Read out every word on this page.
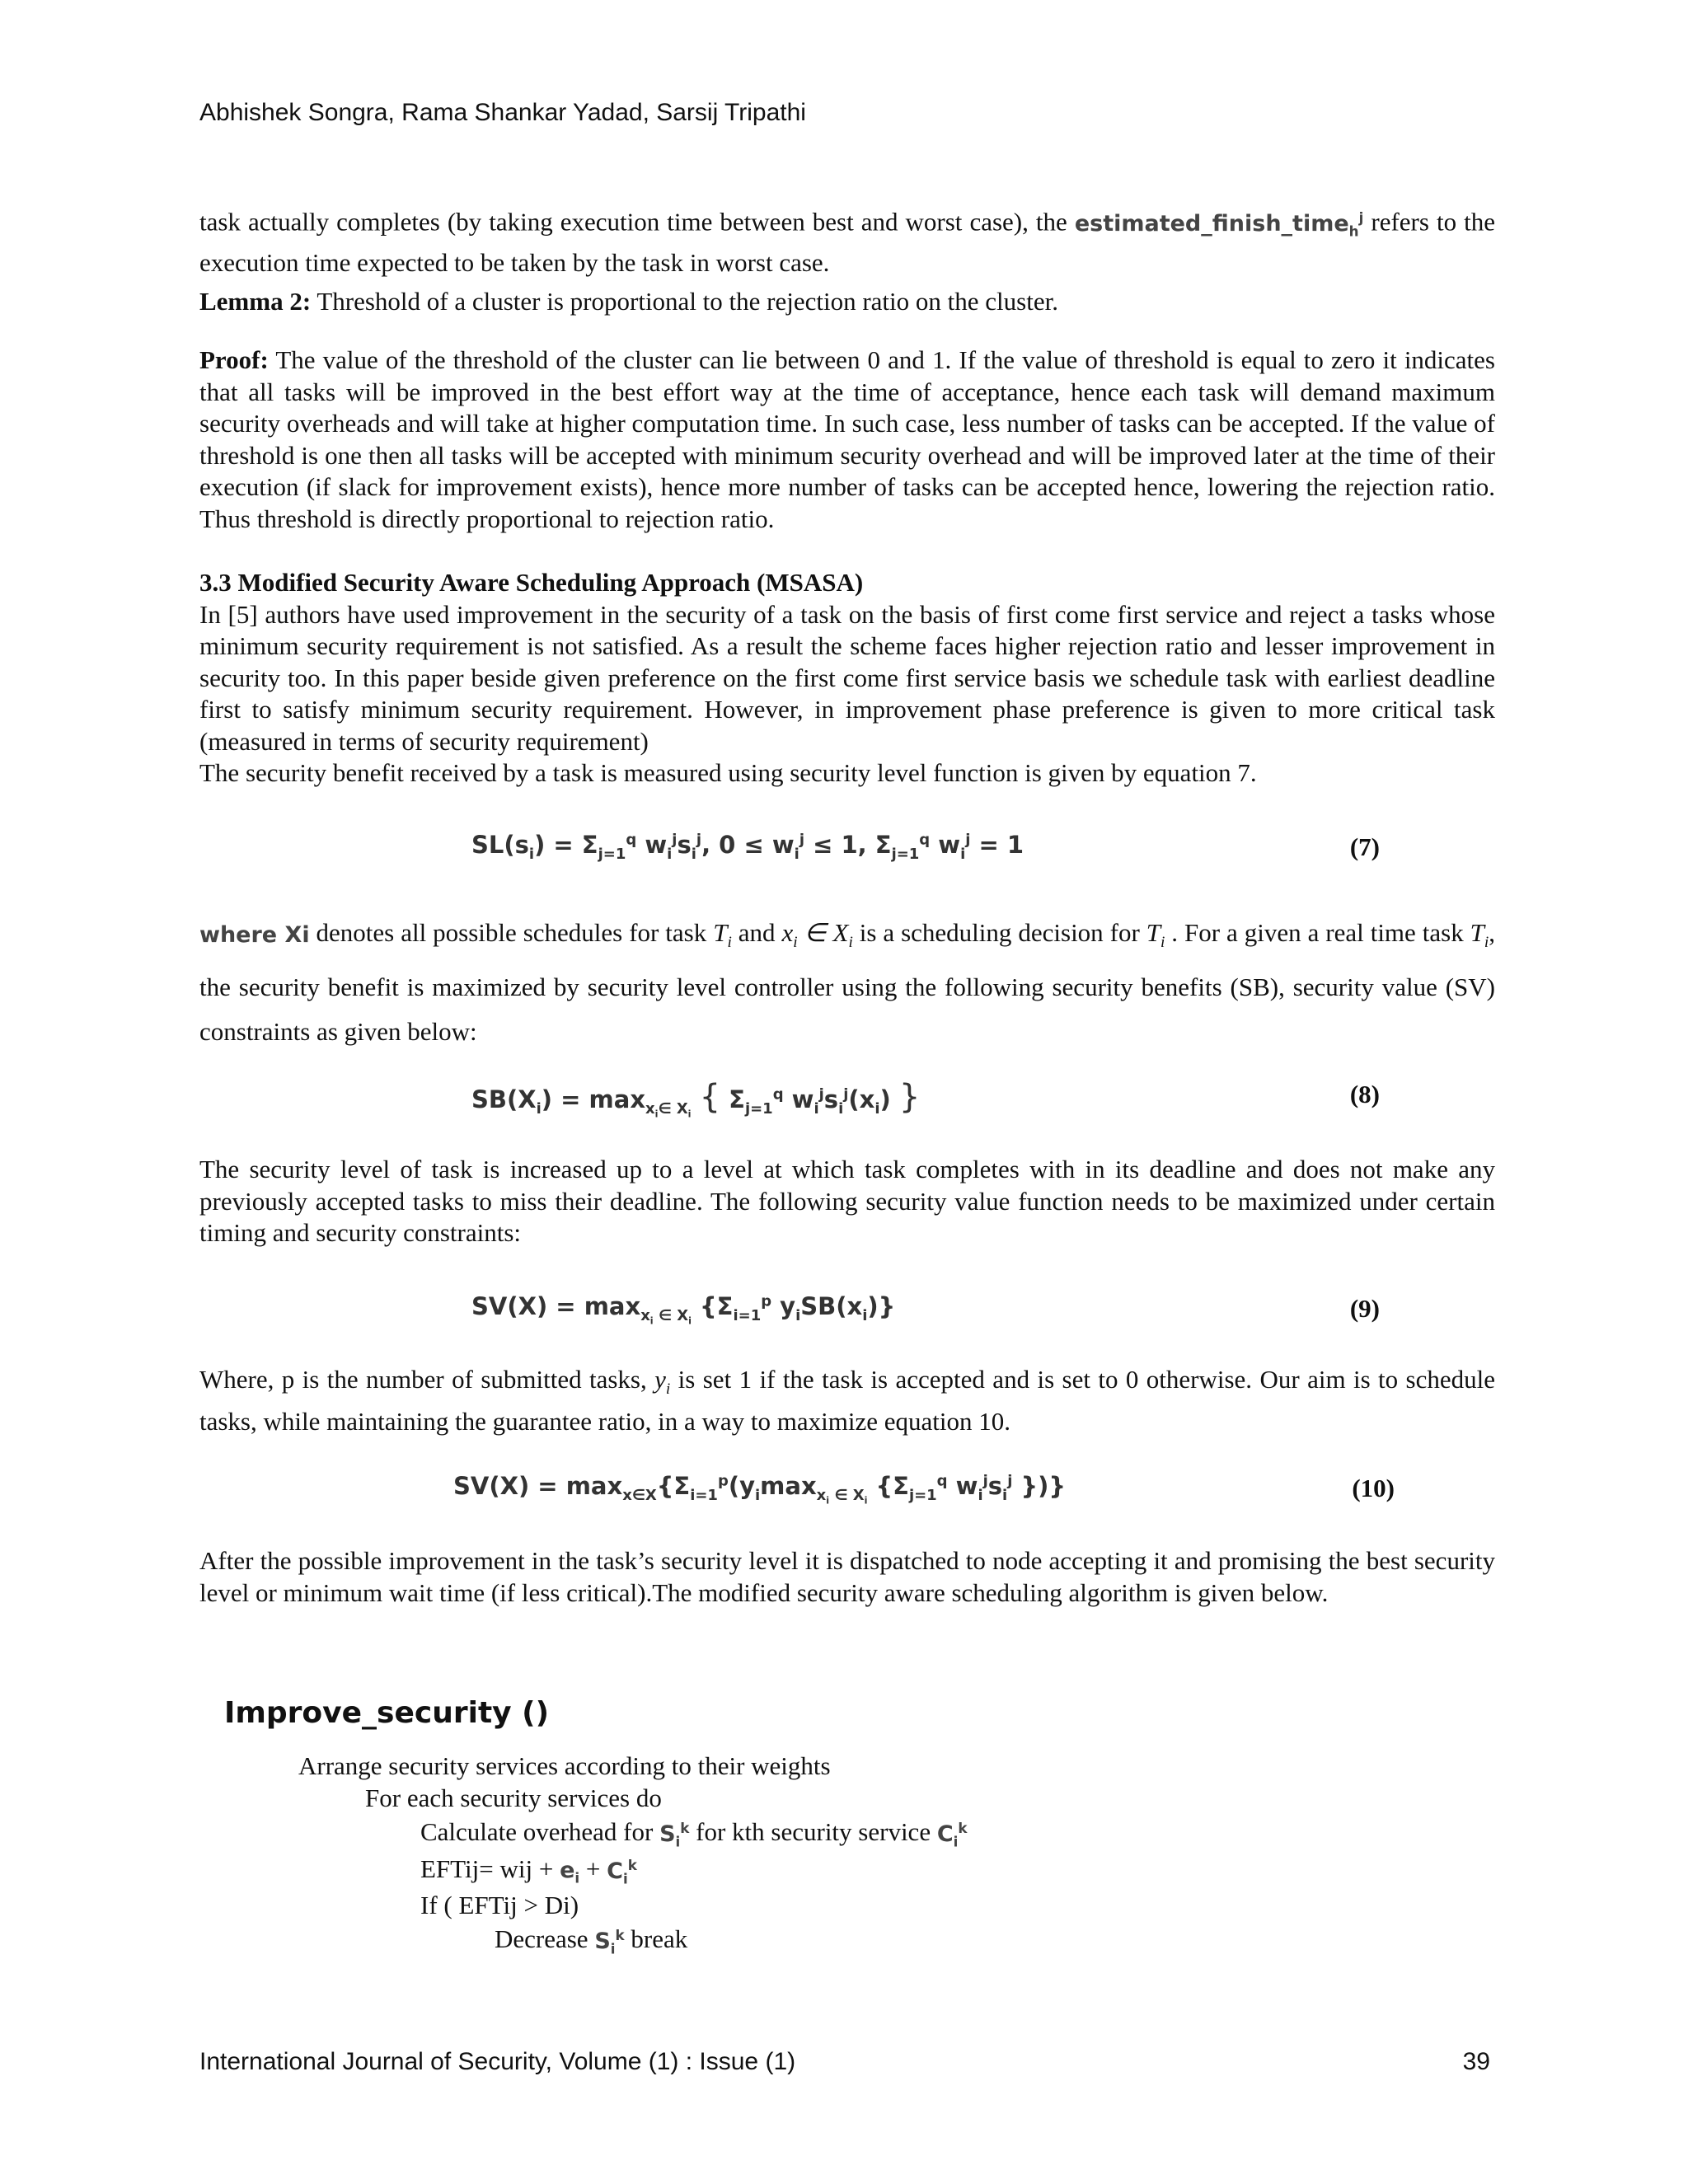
Abhishek Songra, Rama Shankar Yadad, Sarsij Tripathi

task actually completes (by taking execution time between best and worst case), the estimated_finish_time$_h^j$ refers to the execution time expected to be taken by the task in worst case.

Lemma 2: Threshold of a cluster is proportional to the rejection ratio on the cluster.

Proof: The value of the threshold of the cluster can lie between 0 and 1. If the value of threshold is equal to zero it indicates that all tasks will be improved in the best effort way at the time of acceptance, hence each task will demand maximum security overheads and will take at higher computation time. In such case, less number of tasks can be accepted. If the value of threshold is one then all tasks will be accepted with minimum security overhead and will be improved later at the time of their execution (if slack for improvement exists), hence more number of tasks can be accepted hence, lowering the rejection ratio. Thus threshold is directly proportional to rejection ratio.

3.3 Modified Security Aware Scheduling Approach (MSASA)

In [5] authors have used improvement in the security of a task on the basis of first come first service and reject a tasks whose minimum security requirement is not satisfied. As a result the scheme faces higher rejection ratio and lesser improvement in security too. In this paper beside given preference on the first come first service basis we schedule task with earliest deadline first to satisfy minimum security requirement. However, in improvement phase preference is given to more critical task (measured in terms of security requirement)

The security benefit received by a task is measured using security level function is given by equation 7.

$SL(s_i) = \Sigma_{j=1}^q$ $w_i^js_i^j$, $0 \le w_i^j \le 1$, $\Sigma_{j=1}^q$ $w_i^j = 1$	(7)

where Xi denotes all possible schedules for task $T_i$ and $x_i$ ∈ $X_i$ is a scheduling decision for $T_i$ . For a given a real time task $T_i$, the security benefit is maximized by security level controller using the following security benefits (SB), security value (SV) constraints as given below:

$SB(X_i) = \max_{x_i\in X_i}$ { $\Sigma_{j=1}^q$ $w_i^js_i^j(x_i)$ }	(8)

The security level of task is increased up to a level at which task completes with in its deadline and does not make any previously accepted tasks to miss their deadline. The following security value function needs to be maximized under certain timing and security constraints:

$SV(X) = \max_{x_i \in X_i} \{\Sigma_{i=1}^p$ $y_iSB(x_i)$}	(9)

Where, p is the number of submitted tasks, $y_i$ is set 1 if the task is accepted and is set to 0 otherwise. Our aim is to schedule tasks, while maintaining the guarantee ratio, in a way to maximize equation 10.

$SV(X) = \max_{x\in X}\{\Sigma_{i=1}^p(y_i\max_{x_i \in X_i}$ {$\Sigma_{j=1}^q$ $w_i^js_i^j$ })}	(10)

After the possible improvement in the task’s security level it is dispatched to node accepting it and promising the best security level or minimum wait time (if less critical).The modified security aware scheduling algorithm is given below.

Improve_security ()
Arrange security services according to their weights
For each security services do
Calculate overhead for $S_i^k$ for kth security service $C_i^k$
EFTij= wij + $e_i + C_i^k$
If ( EFTij > Di)
Decrease $S_i^k$ break
International Journal of Security, Volume (1) : Issue (1)	39
